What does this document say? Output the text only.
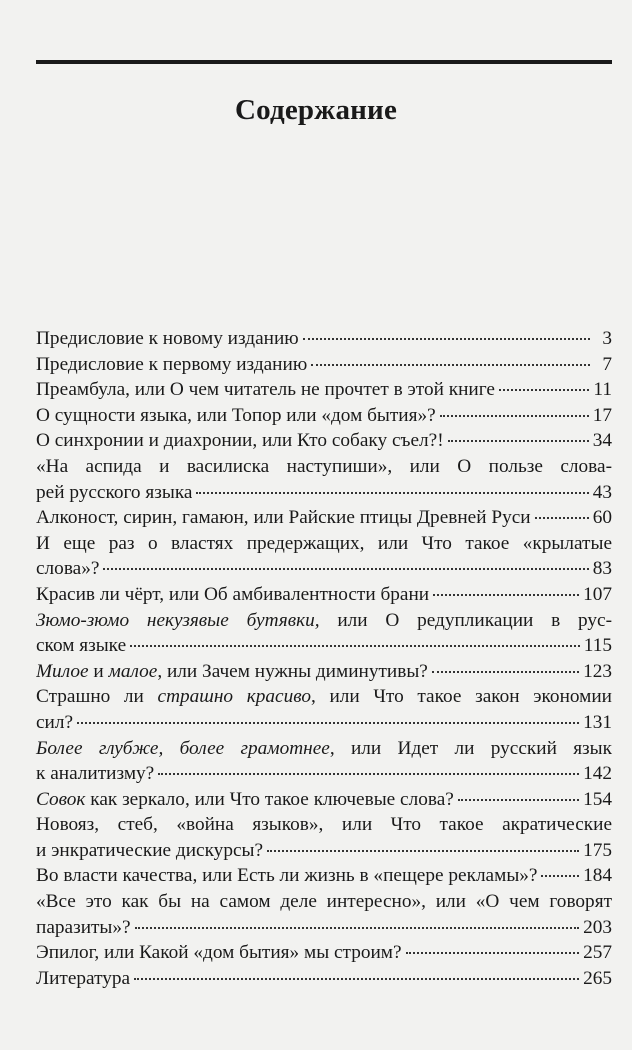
Содержание
Предисловие к новому изданию	3
Предисловие к первому изданию	7
Преамбула, или О чем читатель не прочтет в этой книге	11
О сущности языка, или Топор или «дом бытия»?	17
О синхронии и диахронии, или Кто собаку съел?!	34
«На аспида и василиска наступиши», или О пользе слова-
рей русского языка	43
Алконост, сирин, гамаюн, или Райские птицы Древней Руси	60
И еще раз о властях предержащих, или Что такое «крылатые
слова»?	83
Красив ли чёрт, или Об амбивалентности брани	107
Зюмо-зюмо некузявые бутявки, или О редупликации в рус-
ском языке	115
Милое и малое, или Зачем нужны диминутивы?	123
Страшно ли страшно красиво, или Что такое закон экономии
сил?	131
Более глубже, более грамотнее, или Идет ли русский язык
к аналитизму?	142
Совок как зеркало, или Что такое ключевые слова?	154
Новояз, стеб, «война языков», или Что такое акратические
и энкратические дискурсы?	175
Во власти качества, или Есть ли жизнь в «пещере рекламы»? 184
«Все это как бы на самом деле интересно», или «О чем говорят
паразиты»?	203
Эпилог, или Какой «дом бытия» мы строим?	257
Литература	265
